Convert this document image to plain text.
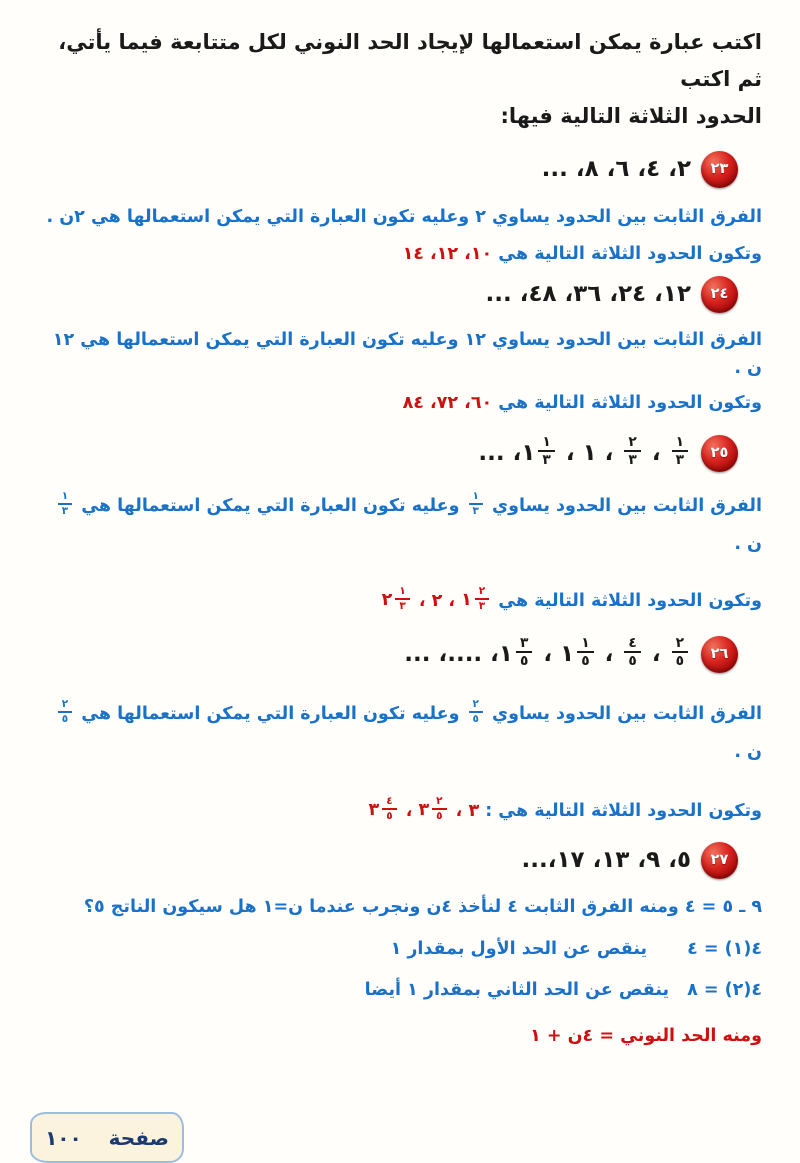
اكتب عبارة يمكن استعمالها لإيجاد الحد النوني لكل متتابعة فيما يأتي، ثم اكتب
الحدود الثلاثة التالية فيها:
٢٣
٢، ٤، ٦، ٨، ...
الفرق الثابت بين الحدود يساوي ٢ وعليه تكون العبارة التي يمكن استعمالها هي ٢ن .
وتكون الحدود الثلاثة التالية هي ١٠، ١٢، ١٤
٢٤
١٢، ٢٤، ٣٦، ٤٨، ...
الفرق الثابت بين الحدود يساوي ١٢ وعليه تكون العبارة التي يمكن استعمالها هي ١٢ ن .
وتكون الحدود الثلاثة التالية هي ٦٠، ٧٢، ٨٤
٢٥
$\frac{١}{٣}$
،
$\frac{٢}{٣}$
، ١ ،
$\frac{١}{٣}$
١
، ...
الفرق الثابت بين الحدود يساوي
$\frac{١}{٣}$
وعليه تكون العبارة التي يمكن استعمالها هي
$\frac{١}{٣}$
ن .
وتكون الحدود الثلاثة التالية هي
$\frac{٢}{٣}$
١
، ٢ ،
$\frac{١}{٣}$
٢
٢٦
$\frac{٢}{٥}$
،
$\frac{٤}{٥}$
،
$\frac{١}{٥}$
١
،
$\frac{٣}{٥}$
١
، ....، ...
الفرق الثابت بين الحدود يساوي
$\frac{٢}{٥}$
وعليه تكون العبارة التي يمكن استعمالها هي
$\frac{٢}{٥}$
ن .
وتكون الحدود الثلاثة التالية هي : ٣ ،
$\frac{٢}{٥}$
٣
،
$\frac{٤}{٥}$
٣
٢٧
٥، ٩، ١٣، ١٧،...
٩ ـ ٥ = ٤ ومنه الفرق الثابت ٤ لنأخذ ٤ن ونجرب عندما ن=١ هل سيكون الناتج ٥؟
٤(١) = ٤ينقص عن الحد الأول بمقدار ١
٤(٢) = ٨ينقص عن الحد الثاني بمقدار ١ أيضا
ومنه الحد النوني = ٤ن + ١
صفحة ١٠٠
